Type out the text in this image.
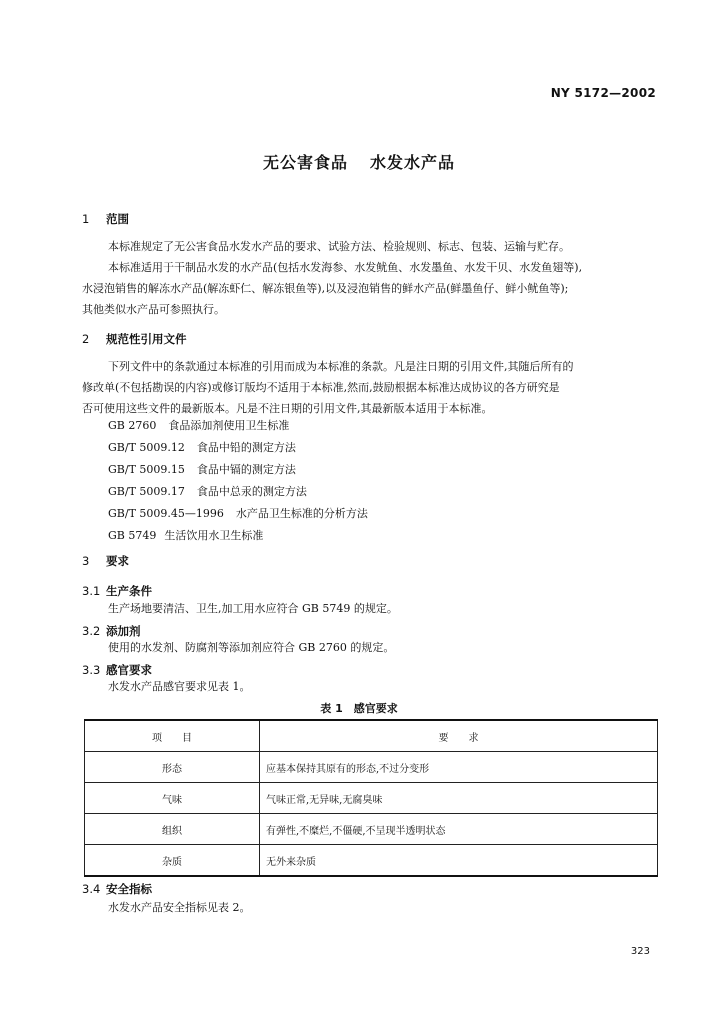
NY 5172—2002
无公害食品 水发水产品
1 范围
本标准规定了无公害食品水发水产品的要求、试验方法、检验规则、标志、包装、运输与贮存。
本标准适用于干制品水发的水产品(包括水发海参、水发鱿鱼、水发墨鱼、水发干贝、水发鱼翅等),
水浸泡销售的解冻水产品(解冻虾仁、解冻银鱼等),以及浸泡销售的鲜水产品(鲜墨鱼仔、鲜小鱿鱼等);
其他类似水产品可参照执行。
2 规范性引用文件
下列文件中的条款通过本标准的引用而成为本标准的条款。凡是注日期的引用文件,其随后所有的
修改单(不包括勘误的内容)或修订版均不适用于本标准,然而,鼓励根据本标准达成协议的各方研究是
否可使用这些文件的最新版本。凡是不注日期的引用文件,其最新版本适用于本标准。
GB 2760 食品添加剂使用卫生标准
GB/T 5009.12 食品中铅的测定方法
GB/T 5009.15 食品中镉的测定方法
GB/T 5009.17 食品中总汞的测定方法
GB/T 5009.45—1996 水产品卫生标准的分析方法
GB 5749 生活饮用水卫生标准
3 要求
3.1 生产条件
生产场地要清洁、卫生,加工用水应符合 GB 5749 的规定。
3.2 添加剂
使用的水发剂、防腐剂等添加剂应符合 GB 2760 的规定。
3.3 感官要求
水发水产品感官要求见表 1。
表 1　感官要求
项　　目	要　　求
形态	应基本保持其原有的形态,不过分变形
气味	气味正常,无异味,无腐臭味
组织	有弹性,不糜烂,不僵硬,不呈现半透明状态
杂质	无外来杂质
3.4 安全指标
水发水产品安全指标见表 2。
323
